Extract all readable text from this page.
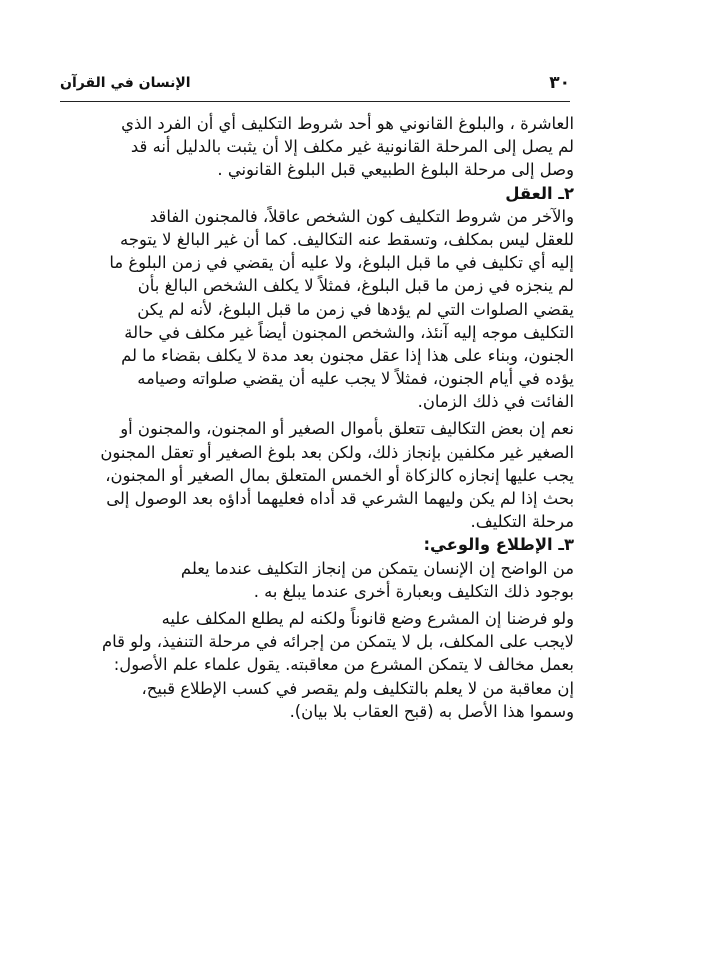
٣٠
الإنسان في القرآن
العاشرة ، والبلوغ القانوني هو أحد شروط التكليف أي أن الفرد الذي
لم يصل إلى المرحلة القانونية غير مكلف إلا أن يثبت بالدليل أنه قد
وصل إلى مرحلة البلوغ الطبيعي قبل البلوغ القانوني .
٢ـ العقل
والآخر من شروط التكليف كون الشخص عاقلاً، فالمجنون الفاقد
للعقل ليس بمكلف، وتسقط عنه التكاليف. كما أن غير البالغ لا يتوجه
إليه أي تكليف في ما قبل البلوغ، ولا عليه أن يقضي في زمن البلوغ ما
لم ينجزه في زمن ما قبل البلوغ، فمثلاً لا يكلف الشخص البالغ بأن
يقضي الصلوات التي لم يؤدها في زمن ما قبل البلوغ، لأنه لم يكن
التكليف موجه إليه آنئذ، والشخص المجنون أيضاً غير مكلف في حالة
الجنون، وبناء على هذا إذا عقل مجنون بعد مدة لا يكلف بقضاء ما لم
يؤده في أيام الجنون، فمثلاً لا يجب عليه أن يقضي صلواته وصيامه
الفائت في ذلك الزمان.
نعم إن بعض التكاليف تتعلق بأموال الصغير أو المجنون، والمجنون أو
الصغير غير مكلفين بإنجاز ذلك، ولكن بعد بلوغ الصغير أو تعقل المجنون
يجب عليها إنجازه كالزكاة أو الخمس المتعلق بمال الصغير أو المجنون،
بحث إذا لم يكن وليهما الشرعي قد أداه فعليهما أداؤه بعد الوصول إلى
مرحلة التكليف.
٣ـ الإطلاع والوعي:
من الواضح إن الإنسان يتمكن من إنجاز التكليف عندما يعلم
بوجود ذلك التكليف وبعبارة أخرى عندما يبلغ به .
ولو فرضنا إن المشرع وضع قانوناً ولكنه لم يطلع المكلف عليه
لايجب على المكلف، بل لا يتمكن من إجرائه في مرحلة التنفيذ، ولو قام
بعمل مخالف لا يتمكن المشرع من معاقبته. يقول علماء علم الأصول:
إن معاقبة من لا يعلم بالتكليف ولم يقصر في كسب الإطلاع قبيح،
وسموا هذا الأصل به (قبح العقاب بلا بيان).
